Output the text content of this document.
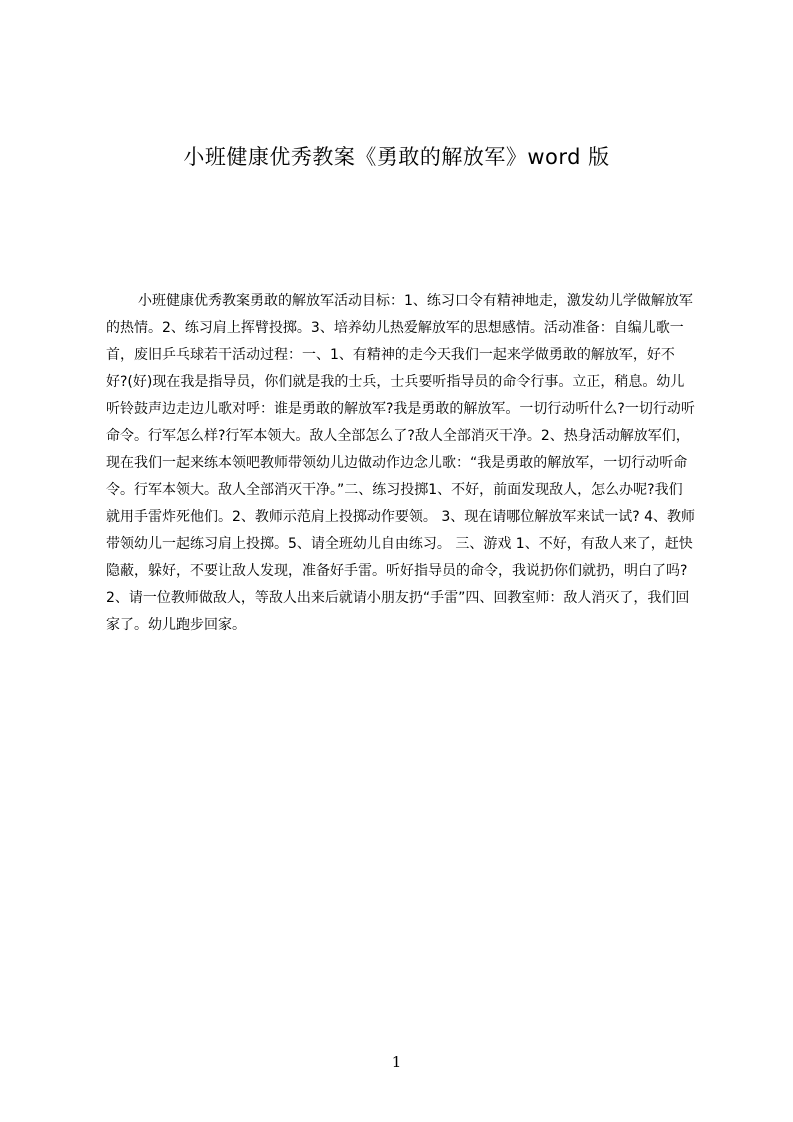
小班健康优秀教案《勇敢的解放军》word 版
小班健康优秀教案勇敢的解放军活动目标：1、练习口令有精神地走，激发幼儿学做解放军的热情。2、练习肩上挥臂投掷。3、培养幼儿热爱解放军的思想感情。活动准备：自编儿歌一首，废旧乒乓球若干活动过程：一、1、有精神的走今天我们一起来学做勇敢的解放军，好不好?(好)现在我是指导员，你们就是我的士兵，士兵要听指导员的命令行事。立正，稍息。幼儿听铃鼓声边走边儿歌对呼：谁是勇敢的解放军?我是勇敢的解放军。一切行动听什么?一切行动听命令。行军怎么样?行军本领大。敌人全部怎么了?敌人全部消灭干净。2、热身活动解放军们，现在我们一起来练本领吧教师带领幼儿边做动作边念儿歌：“我是勇敢的解放军，一切行动听命令。行军本领大。敌人全部消灭干净。”二、练习投掷1、不好，前面发现敌人，怎么办呢?我们就用手雷炸死他们。2、教师示范肩上投掷动作要领。 3、现在请哪位解放军来试一试? 4、教师带领幼儿一起练习肩上投掷。5、请全班幼儿自由练习。 三、游戏 1、不好，有敌人来了，赶快隐蔽，躲好，不要让敌人发现，准备好手雷。听好指导员的命令，我说扔你们就扔，明白了吗?2、请一位教师做敌人，等敌人出来后就请小朋友扔“手雷”四、回教室师：敌人消灭了，我们回家了。幼儿跑步回家。
1
